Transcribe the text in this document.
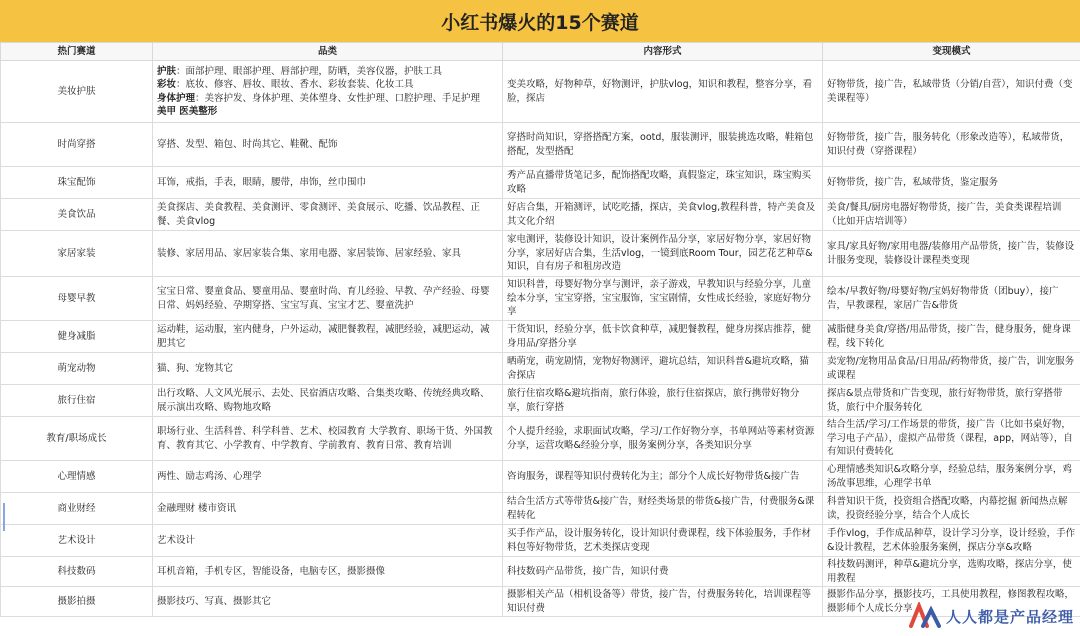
小红书爆火的15个赛道
热门赛道	品类	内容形式	变现模式
美妆护肤	护肤：面部护理、眼部护理、唇部护理，防晒，美容仪器，护肤工具
彩妆：底妆、修容、唇妆、眼妆、香水、彩妆套装、化妆工具
身体护理：美容护发、身体护理、美体塑身、女性护理、口腔护理、手足护理
美甲 医美整形	变美攻略，好物种草，好物测评，护肤vlog，知识和教程，整容分享，看脸，探店	好物带货，接广告，私域带货（分销/自营），知识付费（变美课程等）
时尚穿搭	穿搭、发型、箱包、时尚其它、鞋靴、配饰	穿搭时尚知识，穿搭搭配方案，ootd，服装测评，服装挑选攻略，鞋箱包搭配，发型搭配	好物带货，接广告，服务转化（形象改造等），私域带货，知识付费（穿搭课程）
珠宝配饰	耳饰，戒指，手表，眼睛，腰带，串饰，丝巾围巾	秀产品直播带货笔记多，配饰搭配攻略，真假鉴定，珠宝知识，珠宝购买攻略	好物带货，接广告，私域带货，鉴定服务
美食饮品	美食探店、美食教程、美食测评、零食测评、美食展示、吃播、饮品教程、正餐、美食vlog	好店合集，开箱测评，试吃吃播，探店，美食vlog,教程科普，特产美食及其文化介绍	美食/餐具/厨房电器好物带货，接广告，美食类课程培训（比如开店培训等）
家居家装	装修、家居用品、家居家装合集、家用电器、家居装饰、居家经验、家具	家电测评，装修设计知识，设计案例作品分享，家居好物分享，家居好物分享，家居好店合集，生活vlog，一镜到底Room Tour，园艺花艺种草&知识，自有房子和租房改造	家具/家具好物/家用电器/装修用产品带货，接广告，装修设计服务变现，装修设计课程类变现
母婴早教	宝宝日常、婴童食品、婴童用品、婴童时尚、育儿经验、早教、孕产经验、母婴日常、妈妈经验、孕期穿搭、宝宝写真、宝宝才艺、婴童洗护	知识科普，母婴好物分享与测评，亲子游戏，早教知识与经验分享，儿童绘本分享，宝宝穿搭，宝宝服饰，宝宝剧情，女性成长经验，家庭好物分享	绘本/早教好物/母婴好物/宝妈好物带货（团buy），接广告，早教课程，家居广告&带货
健身减脂	运动鞋，运动服，室内健身，户外运动，减肥餐教程，减肥经验，减肥运动，减肥其它	干货知识，经验分享，低卡饮食种草，减肥餐教程，健身房探店推荐，健身用品/穿搭分享	减脂健身美食/穿搭/用品带货，接广告，健身服务，健身课程，线下转化
萌宠动物	猫、狗、宠物其它	晒萌宠，萌宠剧情，宠物好物测评，避坑总结，知识科普&避坑攻略，猫舍探店	卖宠物/宠物用品食品/日用品/药物带货，接广告，训宠服务或课程
旅行住宿	出行攻略、人文风光展示、去处、民宿酒店攻略、合集类攻略、传统经典攻略、展示演出攻略、购物地攻略	旅行住宿攻略&避坑指南，旅行体验，旅行住宿探店，旅行携带好物分享，旅行穿搭	探店&景点带货和广告变现，旅行好物带货，旅行穿搭带货，旅行中介服务转化
教育/职场成长	职场行业、生活科普、科学科普、艺术、校园教育 大学教育、职场干货、外国教育、教育其它、小学教育、中学教育、学前教育、教育日常、教育培训	个人提升经验，求职面试攻略，学习/工作好物分享，书单网站等素材资源分享，运营攻略&经验分享，服务案例分享，各类知识分享	结合生活/学习/工作场景的带货，接广告（比如书桌好物，学习电子产品），虚拟产品带货（课程，app，网站等），自有知识付费转化
心理情感	两性、励志鸡汤、心理学	咨询服务，课程等知识付费转化为主；部分个人成长好物带货&接广告	心理情感类知识&攻略分享，经验总结，服务案例分享，鸡汤故事思维，心理学书单
商业财经	金融理财 楼市资讯	结合生活方式等带货&接广告，财经类场景的带货&接广告，付费服务&课程转化	科普知识干货，投资组合搭配攻略，内幕挖掘 新闻热点解读，投资经验分享，结合个人成长
艺术设计	艺术设计	买手作产品，设计服务转化，设计知识付费课程，线下体验服务，手作材料包等好物带货，艺术类探店变现	手作vlog，手作成品种草，设计学习分享，设计经验，手作&设计教程，艺术体验服务案例，探店分享&攻略
科技数码	耳机音箱，手机专区，智能设备，电脑专区，摄影摄像	科技数码产品带货，接广告，知识付费	科技数码测评，种草&避坑分享，选购攻略，探店分享，使用教程
摄影拍摄	摄影技巧、写真、摄影其它	摄影相关产品（相机设备等）带货，接广告，付费服务转化，培训课程等知识付费	摄影作品分享，摄影技巧，工具使用教程，修图教程攻略，摄影师个人成长分享 人人都是产品经理
